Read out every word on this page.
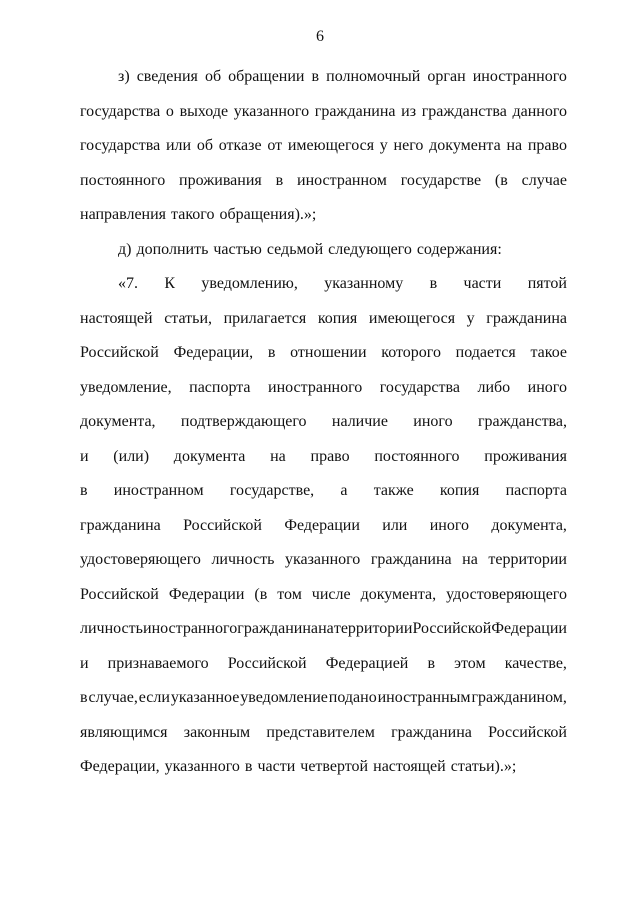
6
з) сведения об обращении в полномочный орган иностранного
государства о выходе указанного гражданина из гражданства данного
государства или об отказе от имеющегося у него документа на право
постоянного проживания в иностранном государстве (в случае
направления такого обращения).»;
д) дополнить частью седьмой следующего содержания:
«7. К уведомлению, указанному в части пятой
настоящей статьи, прилагается копия имеющегося у гражданина
Российской Федерации, в отношении которого подается такое
уведомление, паспорта иностранного государства либо иного
документа, подтверждающего наличие иного гражданства,
и (или) документа на право постоянного проживания
в иностранном государстве, а также копия паспорта
гражданина Российской Федерации или иного документа,
удостоверяющего личность указанного гражданина на территории
Российской Федерации (в том числе документа, удостоверяющего
личность иностранного гражданина на территории Российской Федерации
и признаваемого Российской Федерацией в этом качестве,
в случае, если указанное уведомление подано иностранным гражданином,
являющимся законным представителем гражданина Российской
Федерации, указанного в части четвертой настоящей статьи).»;
